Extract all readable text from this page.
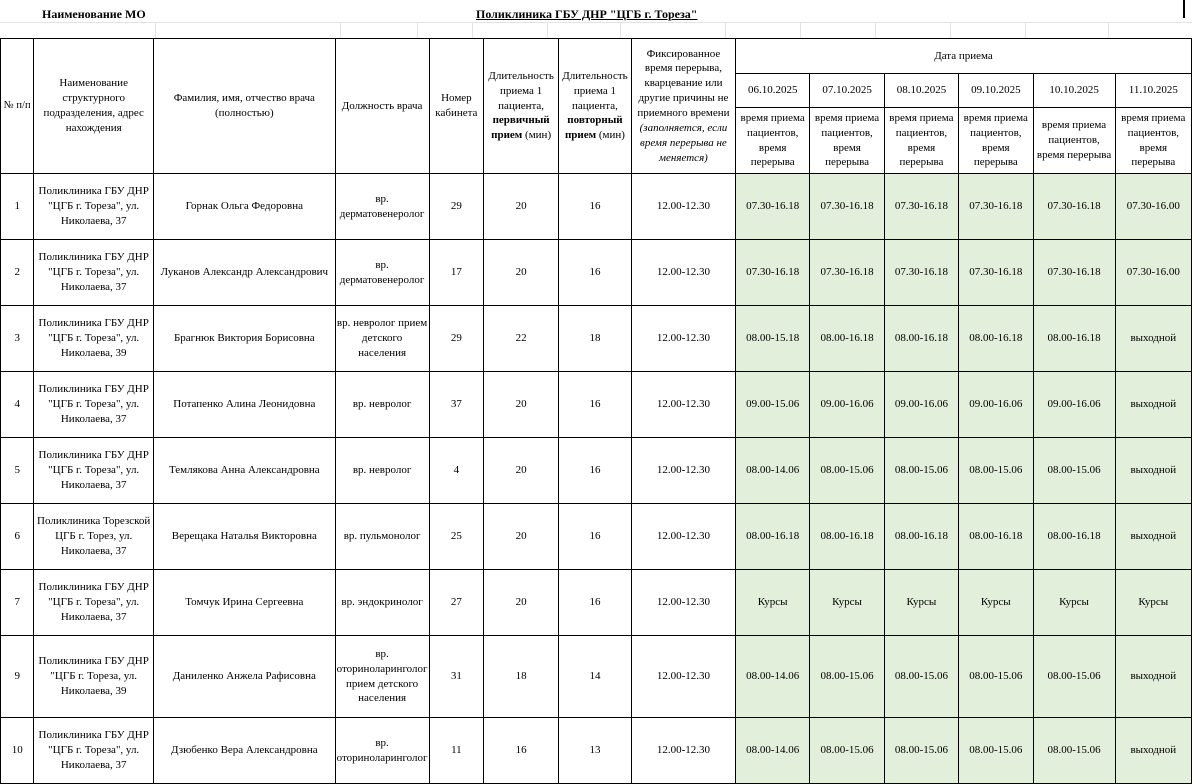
Наименование МО	Поликлиника ГБУ ДНР "ЦГБ г. Тореза"
№ п/п	Наименование структурного подразделения, адрес нахождения	Фамилия, имя, отчество врача (полностью)	Должность врача	Номер кабинета	Длительность приема 1 пациента, первичный прием (мин)	Длительность приема 1 пациента, повторный прием (мин)	Фиксированное время перерыва, кварцевание или другие причины не приемного времени (заполняется, если время перерыва не меняется)	Дата приема					
								06.10.2025	07.10.2025	08.10.2025	09.10.2025	10.10.2025	11.10.2025
								время приема пациентов, время перерыва	время приема пациентов, время перерыва	время приема пациентов, время перерыва	время приема пациентов, время перерыва	время приема пациентов, время перерыва	время приема пациентов, время перерыва
1	Поликлиника ГБУ ДНР "ЦГБ г. Тореза", ул. Николаева, 37	Горнак Ольга Федоровна	вр. дерматовенеролог	29	20	16	12.00-12.30	07.30-16.18	07.30-16.18	07.30-16.18	07.30-16.18	07.30-16.18	07.30-16.00
2	Поликлиника ГБУ ДНР "ЦГБ г. Тореза", ул. Николаева, 37	Луканов Александр Александрович	вр. дерматовенеролог	17	20	16	12.00-12.30	07.30-16.18	07.30-16.18	07.30-16.18	07.30-16.18	07.30-16.18	07.30-16.00
3	Поликлиника ГБУ ДНР "ЦГБ г. Тореза", ул. Николаева, 39	Брагнюк Виктория Борисовна	вр. невролог прием детского населения	29	22	18	12.00-12.30	08.00-15.18	08.00-16.18	08.00-16.18	08.00-16.18	08.00-16.18	выходной
4	Поликлиника ГБУ ДНР "ЦГБ г. Тореза", ул. Николаева, 37	Потапенко Алина Леонидовна	вр. невролог	37	20	16	12.00-12.30	09.00-15.06	09.00-16.06	09.00-16.06	09.00-16.06	09.00-16.06	выходной
5	Поликлиника ГБУ ДНР "ЦГБ г. Тореза", ул. Николаева, 37	Темлякова Анна Александровна	вр. невролог	4	20	16	12.00-12.30	08.00-14.06	08.00-15.06	08.00-15.06	08.00-15.06	08.00-15.06	выходной
6	Поликлиника Торезской ЦГБ г. Торез, ул. Николаева, 37	Верещака Наталья Викторовна	вр. пульмонолог	25	20	16	12.00-12.30	08.00-16.18	08.00-16.18	08.00-16.18	08.00-16.18	08.00-16.18	выходной
7	Поликлиника ГБУ ДНР "ЦГБ г. Тореза", ул. Николаева, 37	Томчук Ирина Сергеевна	вр. эндокринолог	27	20	16	12.00-12.30	Курсы	Курсы	Курсы	Курсы	Курсы	Курсы
9	Поликлиника ГБУ ДНР "ЦГБ г. Тореза, ул. Николаева, 39	Даниленко Анжела Рафисовна	вр. оториноларинголог прием детского населения	31	18	14	12.00-12.30	08.00-14.06	08.00-15.06	08.00-15.06	08.00-15.06	08.00-15.06	выходной
10	Поликлиника ГБУ ДНР "ЦГБ г. Тореза", ул. Николаева, 37	Дзюбенко Вера Александровна	вр. оториноларинголог	11	16	13	12.00-12.30	08.00-14.06	08.00-15.06	08.00-15.06	08.00-15.06	08.00-15.06	выходной
